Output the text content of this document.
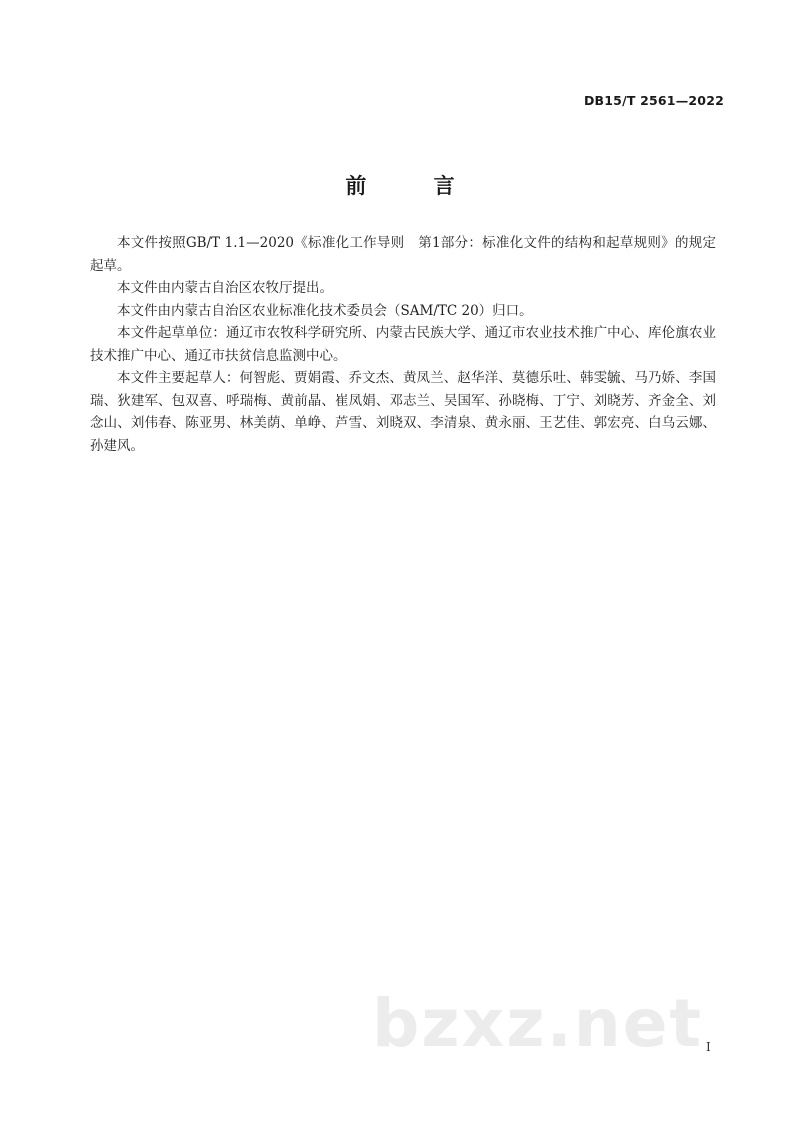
DB15/T 2561—2022
前 言

本文件按照GB/T 1.1—2020《标准化工作导则　第1部分：标准化文件的结构和起草规则》的规定起草。

本文件由内蒙古自治区农牧厅提出。

本文件由内蒙古自治区农业标准化技术委员会（SAM/TC 20）归口。

本文件起草单位：通辽市农牧科学研究所、内蒙古民族大学、通辽市农业技术推广中心、库伦旗农业技术推广中心、通辽市扶贫信息监测中心。

本文件主要起草人：何智彪、贾娟霞、乔文杰、黄凤兰、赵华洋、莫德乐吐、韩雯毓、马乃娇、李国瑞、狄建军、包双喜、呼瑞梅、黄前晶、崔凤娟、邓志兰、吴国军、孙晓梅、丁宁、刘晓芳、齐金全、刘念山、刘伟春、陈亚男、林美荫、单峥、芦雪、刘晓双、李清泉、黄永丽、王艺佳、郭宏亮、白乌云娜、孙建风。

bzxz.net I
